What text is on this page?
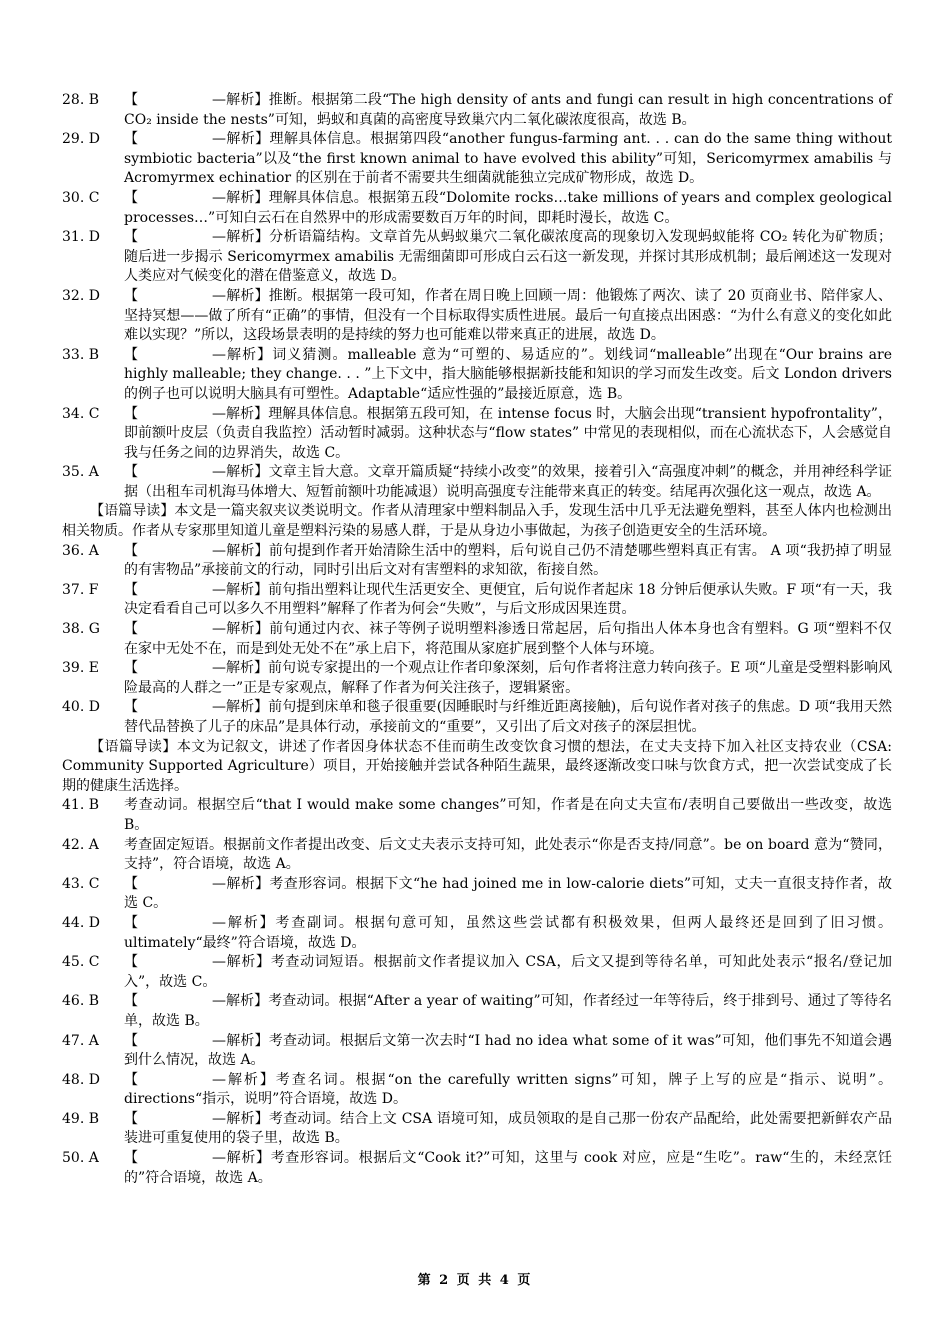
28. B	【	—解析】推断。根据第二段“The high density of ants and fungi can result in high concentrations of CO₂ inside the nests”可知，蚂蚁和真菌的高密度导致巢穴内二氧化碳浓度很高，故选 B。
29. D	【	—解析】理解具体信息。根据第四段“another fungus-farming ant. . . can do the same thing without symbiotic bacteria”以及“the first known animal to have evolved this ability”可知，Sericomyrmex amabilis 与 Acromyrmex echinatior 的区别在于前者不需要共生细菌就能独立完成矿物形成，故选 D。
30. C	【	—解析】理解具体信息。根据第五段“Dolomite rocks…take millions of years and complex geological processes…”可知白云石在自然界中的形成需要数百万年的时间，即耗时漫长，故选 C。
31. D	【	—解析】分析语篇结构。文章首先从蚂蚁巢穴二氧化碳浓度高的现象切入发现蚂蚁能将 CO₂ 转化为矿物质；随后进一步揭示 Sericomyrmex amabilis 无需细菌即可形成白云石这一新发现，并探讨其形成机制；最后阐述这一发现对人类应对气候变化的潜在借鉴意义，故选 D。
32. D	【	—解析】推断。根据第一段可知，作者在周日晚上回顾一周：他锻炼了两次、读了 20 页商业书、陪伴家人、坚持冥想——做了所有“正确”的事情，但没有一个目标取得实质性进展。最后一句直接点出困惑：“为什么有意义的变化如此难以实现？”所以，这段场景表明的是持续的努力也可能难以带来真正的进展，故选 D。
33. B	【	—解析】词义猜测。malleable 意为“可塑的、易适应的”。划线词“malleable”出现在“Our brains are highly malleable; they change. . . ”上下文中，指大脑能够根据新技能和知识的学习而发生改变。后文 London drivers 的例子也可以说明大脑具有可塑性。Adaptable“适应性强的”最接近原意，选 B。
34. C	【	—解析】理解具体信息。根据第五段可知，在 intense focus 时，大脑会出现“transient hypofrontality”，即前额叶皮层（负责自我监控）活动暂时减弱。这种状态与“flow states” 中常见的表现相似，而在心流状态下，人会感觉自我与任务之间的边界消失，故选 C。
35. A	【	—解析】文章主旨大意。文章开篇质疑“持续小改变”的效果，接着引入“高强度冲刺”的概念，并用神经科学证据（出租车司机海马体增大、短暂前额叶功能减退）说明高强度专注能带来真正的转变。结尾再次强化这一观点，故选 A。
【语篇导读】本文是一篇夹叙夹议类说明文。作者从清理家中塑料制品入手，发现生活中几乎无法避免塑料，甚至人体内也检测出相关物质。作者从专家那里知道儿童是塑料污染的易感人群，于是从身边小事做起，为孩子创造更安全的生活环境。
36. A	【	—解析】前句提到作者开始清除生活中的塑料，后句说自己仍不清楚哪些塑料真正有害。 A 项“我扔掉了明显的有害物品”承接前文的行动，同时引出后文对有害塑料的求知欲，衔接自然。
37. F	【	—解析】前句指出塑料让现代生活更安全、更便宜，后句说作者起床 18 分钟后便承认失败。F 项“有一天，我决定看看自己可以多久不用塑料”解释了作者为何会“失败”，与后文形成因果连贯。
38. G	【	—解析】前句通过内衣、袜子等例子说明塑料渗透日常起居，后句指出人体本身也含有塑料。G 项“塑料不仅在家中无处不在，而是到处无处不在”承上启下，将范围从家庭扩展到整个人体与环境。
39. E	【	—解析】前句说专家提出的一个观点让作者印象深刻，后句作者将注意力转向孩子。E 项“儿童是受塑料影响风险最高的人群之一”正是专家观点，解释了作者为何关注孩子，逻辑紧密。
40. D	【	—解析】前句提到床单和毯子很重要(因睡眠时与纤维近距离接触)，后句说作者对孩子的焦虑。D 项“我用天然替代品替换了儿子的床品”是具体行动，承接前文的“重要”，又引出了后文对孩子的深层担忧。
【语篇导读】本文为记叙文，讲述了作者因身体状态不佳而萌生改变饮食习惯的想法，在丈夫支持下加入社区支持农业（CSA: Community Supported Agriculture）项目，开始接触并尝试各种陌生蔬果，最终逐渐改变口味与饮食方式，把一次尝试变成了长期的健康生活选择。
41. B	考查动词。根据空后“that I would make some changes”可知，作者是在向丈夫宣布/表明自己要做出一些改变，故选 B。
42. A	考查固定短语。根据前文作者提出改变、后文丈夫表示支持可知，此处表示“你是否支持/同意”。be on board 意为“赞同，支持”，符合语境，故选 A。
43. C	【	—解析】考查形容词。根据下文“he had joined me in low-calorie diets”可知，丈夫一直很支持作者，故选 C。
44. D	【	—解析】考查副词。根据句意可知，虽然这些尝试都有积极效果，但两人最终还是回到了旧习惯。ultimately“最终”符合语境，故选 D。
45. C	【	—解析】考查动词短语。根据前文作者提议加入 CSA，后文又提到等待名单，可知此处表示“报名/登记加入”，故选 C。
46. B	【	—解析】考查动词。根据“After a year of waiting”可知，作者经过一年等待后，终于排到号、通过了等待名单，故选 B。
47. A	【	—解析】考查动词。根据后文第一次去时“I had no idea what some of it was”可知，他们事先不知道会遇到什么情况，故选 A。
48. D	【	—解析】考查名词。根据“on the carefully written signs”可知，牌子上写的应是“指示、说明”。directions“指示，说明”符合语境，故选 D。
49. B	【	—解析】考查动词。结合上文 CSA 语境可知，成员领取的是自己那一份农产品配给，此处需要把新鲜农产品装进可重复使用的袋子里，故选 B。
50. A	【	—解析】考查形容词。根据后文“Cook it?”可知，这里与 cook 对应，应是“生吃”。raw“生的，未经烹饪的”符合语境，故选 A。
第 2 页 共 4 页
